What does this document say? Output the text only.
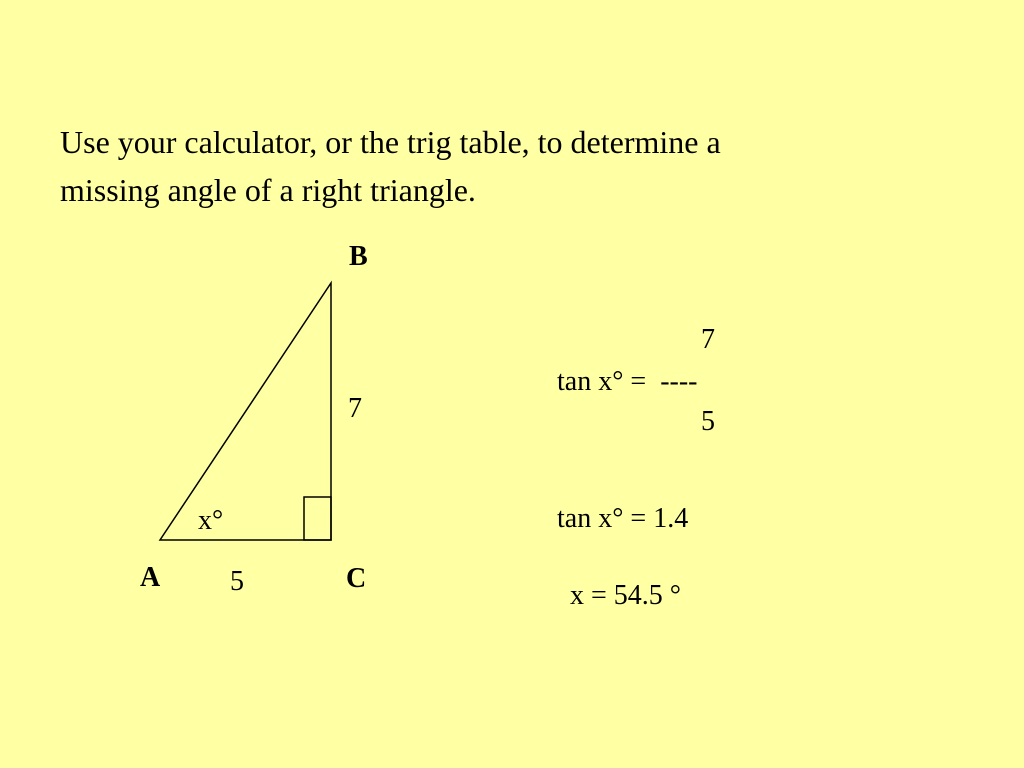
Use your calculator, or the trig table, to determine a
missing angle of a right triangle.
B
7
x°
A 5	C
7
tan x° =  ----
5
tan x° = 1.4
x = 54.5 °
